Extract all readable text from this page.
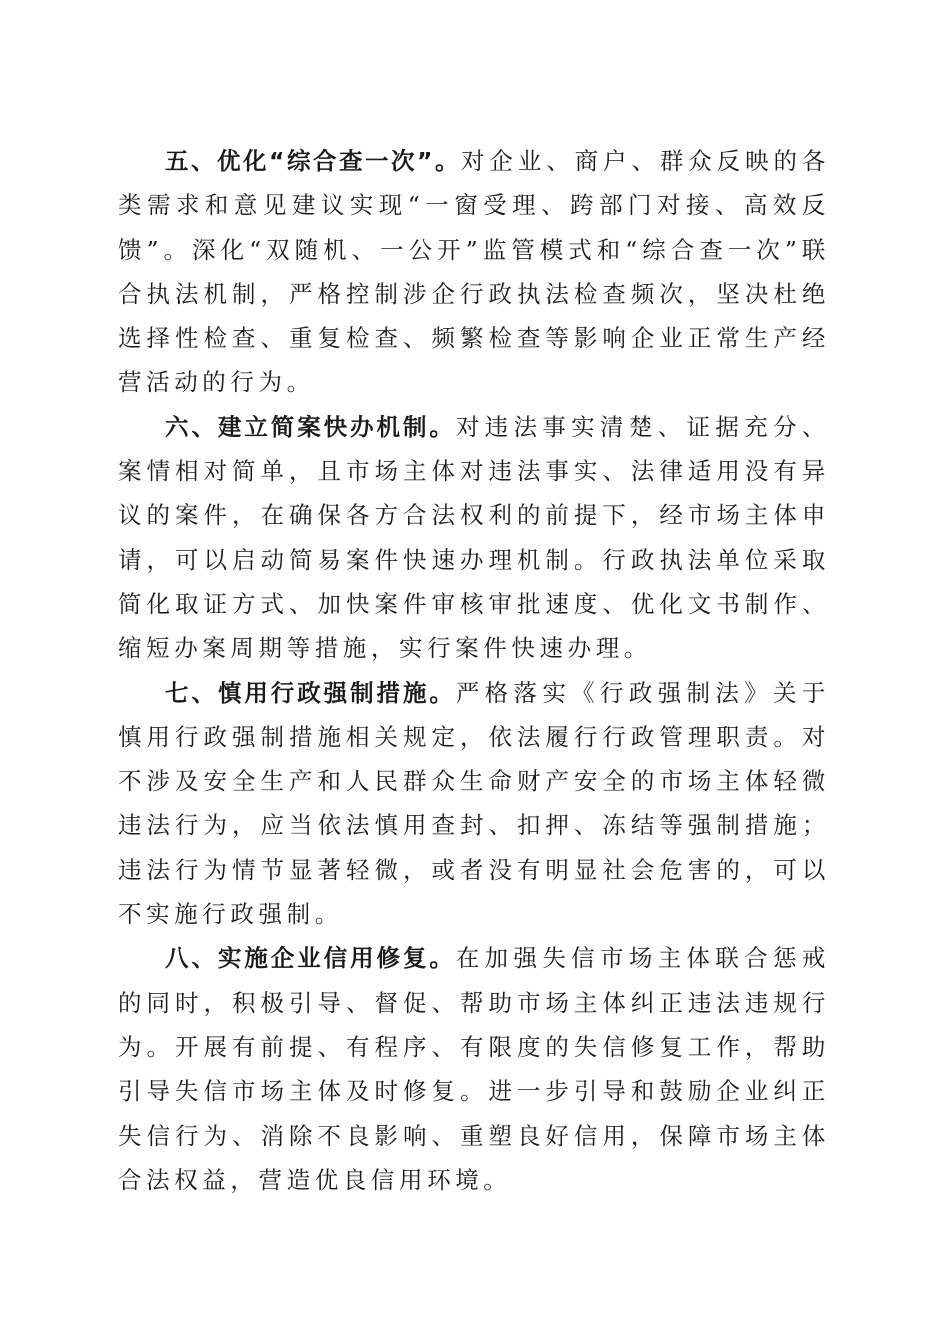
五、优化“综合查一次”。对企业、商户、群众反映的各类需求和意见建议实现“一窗受理、跨部门对接、高效反馈”。深化“双随机、一公开”监管模式和“综合查一次”联合执法机制，严格控制涉企行政执法检查频次，坚决杜绝选择性检查、重复检查、频繁检查等影响企业正常生产经营活动的行为。

六、建立简案快办机制。对违法事实清楚、证据充分、案情相对简单，且市场主体对违法事实、法律适用没有异议的案件，在确保各方合法权利的前提下，经市场主体申请，可以启动简易案件快速办理机制。行政执法单位采取简化取证方式、加快案件审核审批速度、优化文书制作、缩短办案周期等措施，实行案件快速办理。

七、慎用行政强制措施。严格落实《行政强制法》关于慎用行政强制措施相关规定，依法履行行政管理职责。对不涉及安全生产和人民群众生命财产安全的市场主体轻微违法行为，应当依法慎用查封、扣押、冻结等强制措施；违法行为情节显著轻微，或者没有明显社会危害的，可以不实施行政强制。

八、实施企业信用修复。在加强失信市场主体联合惩戒的同时，积极引导、督促、帮助市场主体纠正违法违规行为。开展有前提、有程序、有限度的失信修复工作，帮助引导失信市场主体及时修复。进一步引导和鼓励企业纠正失信行为、消除不良影响、重塑良好信用，保障市场主体合法权益，营造优良信用环境。
